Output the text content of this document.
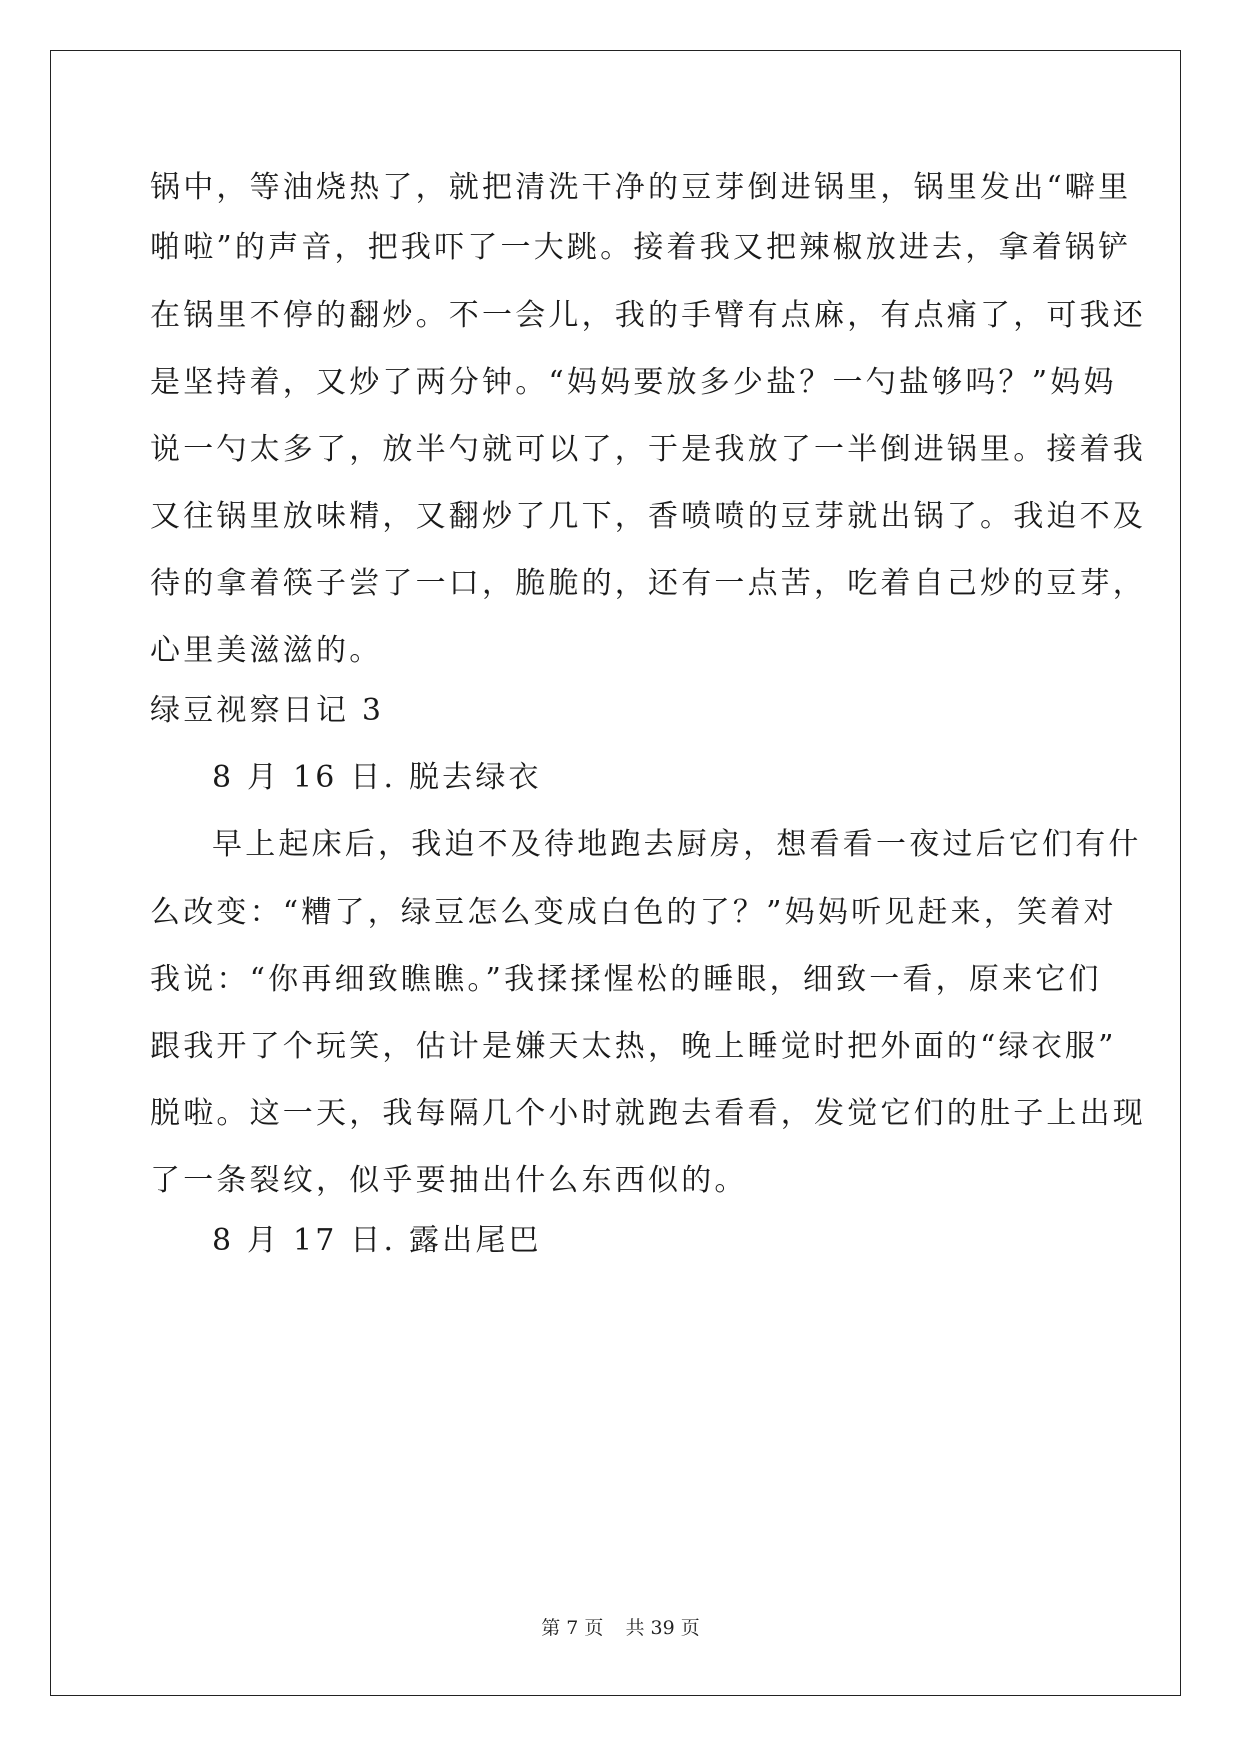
锅中，等油烧热了，就把清洗干净的豆芽倒进锅里，锅里发出“噼里
啪啦”的声音，把我吓了一大跳。接着我又把辣椒放进去，拿着锅铲
在锅里不停的翻炒。不一会儿，我的手臂有点麻，有点痛了，可我还
是坚持着，又炒了两分钟。“妈妈要放多少盐？一勺盐够吗？”妈妈
说一勺太多了，放半勺就可以了，于是我放了一半倒进锅里。接着我
又往锅里放味精，又翻炒了几下，香喷喷的豆芽就出锅了。我迫不及
待的拿着筷子尝了一口，脆脆的，还有一点苦，吃着自己炒的豆芽，
心里美滋滋的。
绿豆视察日记 3
8 月 16 日. 脱去绿衣
早上起床后，我迫不及待地跑去厨房，想看看一夜过后它们有什
么改变：“糟了，绿豆怎么变成白色的了？”妈妈听见赶来，笑着对
我说：“你再细致瞧瞧。”我揉揉惺松的睡眼，细致一看，原来它们
跟我开了个玩笑，估计是嫌天太热，晚上睡觉时把外面的“绿衣服”
脱啦。这一天，我每隔几个小时就跑去看看，发觉它们的肚子上出现
了一条裂纹，似乎要抽出什么东西似的。
8 月 17 日. 露出尾巴
第 7 页 共 39 页
